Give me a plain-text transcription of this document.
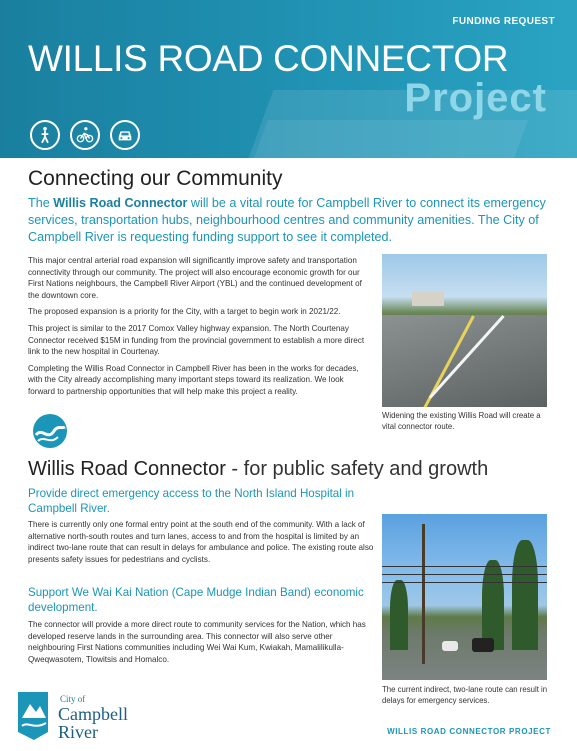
FUNDING REQUEST
WILLIS ROAD CONNECTOR
Project
Connecting our Community
The Willis Road Connector will be a vital route for Campbell River to connect its emergency services, transportation hubs, neighbourhood centres and community amenities. The City of Campbell River is requesting funding support to see it completed.

This major central arterial road expansion will significantly improve safety and transportation connectivity through our community. The project will also encourage economic growth for our First Nations neighbours, the Campbell River Airport (YBL) and the continued development of the downtown core.

The proposed expansion is a priority for the City, with a target to begin work in 2021/22.

This project is similar to the 2017 Comox Valley highway expansion. The North Courtenay Connector received $15M in funding from the provincial government to establish a more direct link to the new hospital in Courtenay.

Completing the Willis Road Connector in Campbell River has been in the works for decades, with the City already accomplishing many important steps toward its realization. We look forward to partnership opportunities that will help make this project a reality.

Widening the existing Willis Road will create a vital connector route.
Willis Road Connector - for public safety and growth
Provide direct emergency access to the North Island Hospital in Campbell River.
There is currently only one formal entry point at the south end of the community. With a lack of alternative north-south routes and turn lanes, access to and from the hospital is limited by an indirect two-lane route that can result in delays for ambulance and police. The existing route also presents safety issues for pedestrians and cyclists.
Support We Wai Kai Nation (Cape Mudge Indian Band) economic development.
The connector will provide a more direct route to community services for the Nation, which has developed reserve lands in the surrounding area. This connector will also serve other neighbouring First Nations communities including Wei Wai Kum, Kwiakah, Mamalilikulla-Qweqwasotem, Tlowitsis and Homalco.
The current indirect, two-lane route can result in delays for emergency services.
City of
Campbell
River	WILLIS ROAD CONNECTOR PROJECT
